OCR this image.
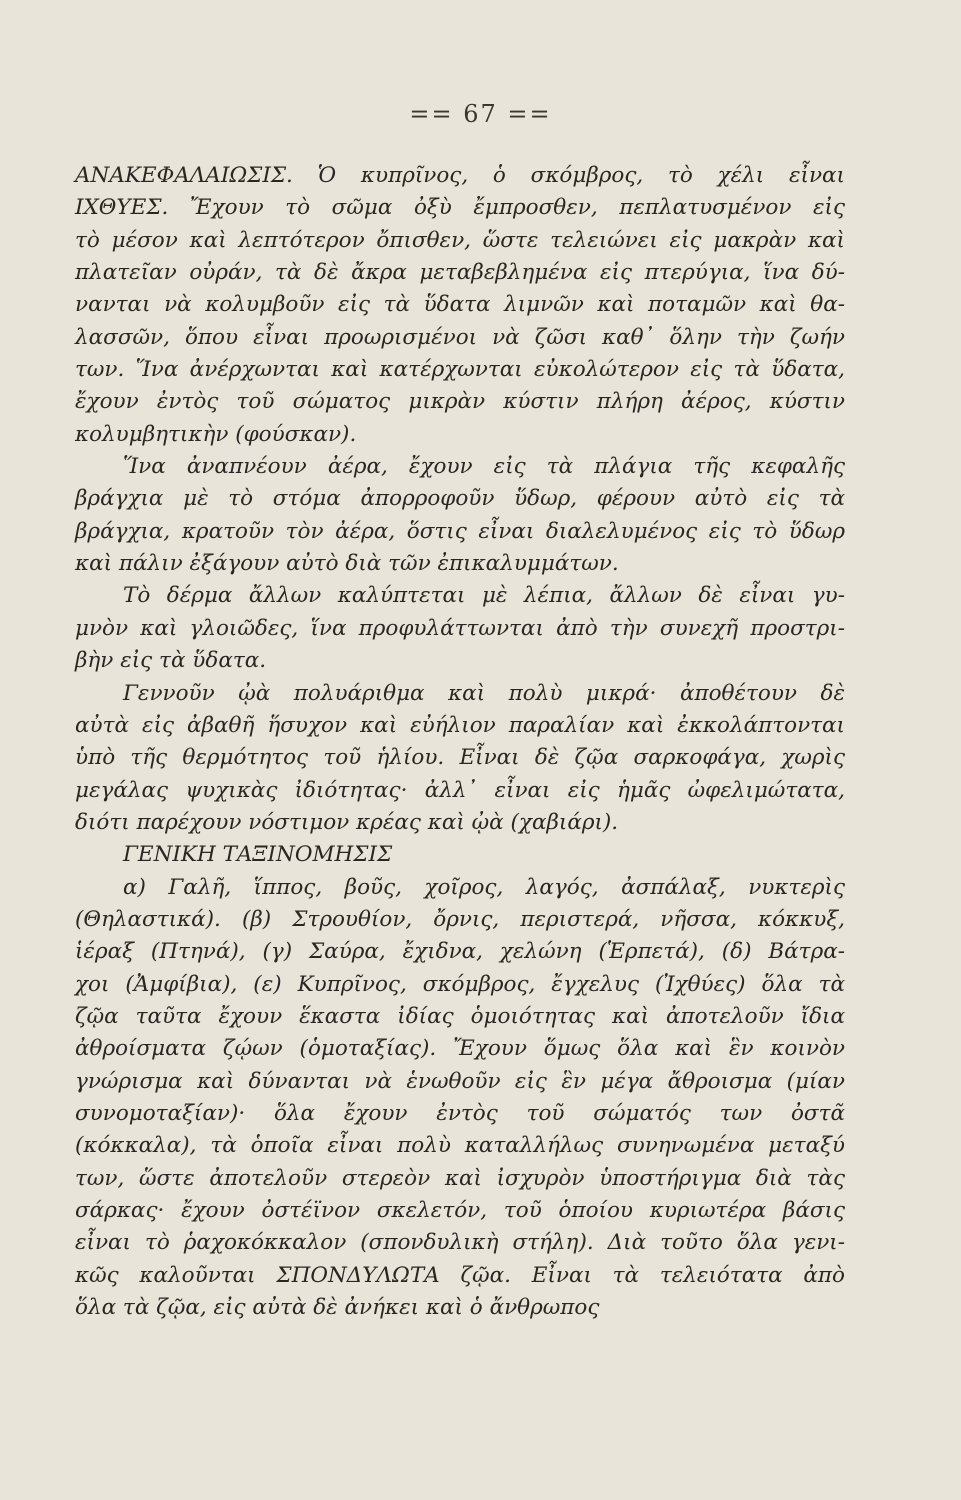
== 67 ==
ΑΝΑΚΕΦΑΛΑΙΩΣΙΣ. Ὁ κυπρῖνος, ὁ σκόμβρος, τὸ χέλι εἶναι
ΙΧΘΥΕΣ. Ἔχουν τὸ σῶμα ὀξὺ ἔμπροσθεν, πεπλατυσμένον εἰς
τὸ μέσον καὶ λεπτότερον ὄπισθεν, ὥστε τελειώνει εἰς μακρὰν καὶ
πλατεῖαν οὐράν, τὰ δὲ ἄκρα μεταβεβλημένα εἰς πτερύγια, ἵνα δύ-
νανται νὰ κολυμβοῦν εἰς τὰ ὕδατα λιμνῶν καὶ ποταμῶν καὶ θα-
λασσῶν, ὅπου εἶναι προωρισμένοι νὰ ζῶσι καθ᾽ ὅλην τὴν ζωήν
των. Ἵνα ἀνέρχωνται καὶ κατέρχωνται εὐκολώτερον εἰς τὰ ὕδατα,
ἔχουν ἐντὸς τοῦ σώματος μικρὰν κύστιν πλήρη ἀέρος, κύστιν
κολυμβητικὴν (φούσκαν).
Ἵνα ἀναπνέουν ἀέρα, ἔχουν εἰς τὰ πλάγια τῆς κεφαλῆς
βράγχια μὲ τὸ στόμα ἀπορροφοῦν ὕδωρ, φέρουν αὐτὸ εἰς τὰ
βράγχια, κρατοῦν τὸν ἀέρα, ὅστις εἶναι διαλελυμένος εἰς τὸ ὕδωρ
καὶ πάλιν ἐξάγουν αὐτὸ διὰ τῶν ἐπικαλυμμάτων.
Τὸ δέρμα ἄλλων καλύπτεται μὲ λέπια, ἄλλων δὲ εἶναι γυ-
μνὸν καὶ γλοιῶδες, ἵνα προφυλάττωνται ἀπὸ τὴν συνεχῆ προστρι-
βὴν εἰς τὰ ὕδατα.
Γεννοῦν ᾠὰ πολυάριθμα καὶ πολὺ μικρά· ἀποθέτουν δὲ
αὐτὰ εἰς ἀβαθῆ ἥσυχον καὶ εὐήλιον παραλίαν καὶ ἐκκολάπτονται
ὑπὸ τῆς θερμότητος τοῦ ἡλίου. Εἶναι δὲ ζῷα σαρκοφάγα, χωρὶς
μεγάλας ψυχικὰς ἰδιότητας· ἀλλ᾽ εἶναι εἰς ἡμᾶς ὠφελιμώτατα,
διότι παρέχουν νόστιμον κρέας καὶ ᾠὰ (χαβιάρι).
ΓΕΝΙΚΗ ΤΑΞΙΝΟΜΗΣΙΣ
α) Γαλῆ, ἵππος, βοῦς, χοῖρος, λαγός, ἀσπάλαξ, νυκτερὶς
(Θηλαστικά). (β) Στρουθίον, ὄρνις, περιστερά, νῆσσα, κόκκυξ,
ἱέραξ (Πτηνά), (γ) Σαύρα, ἔχιδνα, χελώνη (Ἑρπετά), (δ) Βάτρα-
χοι (Ἀμφίβια), (ε) Κυπρῖνος, σκόμβρος, ἔγχελυς (Ἰχθύες) ὅλα τὰ
ζῷα ταῦτα ἔχουν ἕκαστα ἰδίας ὁμοιότητας καὶ ἀποτελοῦν ἴδια
ἀθροίσματα ζῴων (ὁμοταξίας). Ἔχουν ὅμως ὅλα καὶ ἓν κοινὸν
γνώρισμα καὶ δύνανται νὰ ἑνωθοῦν εἰς ἓν μέγα ἄθροισμα (μίαν
συνομοταξίαν)· ὅλα ἔχουν ἐντὸς τοῦ σώματός των ὀστᾶ
(κόκκαλα), τὰ ὁποῖα εἶναι πολὺ καταλλήλως συνηνωμένα μεταξύ
των, ὥστε ἀποτελοῦν στερεὸν καὶ ἰσχυρὸν ὑποστήριγμα διὰ τὰς
σάρκας· ἔχουν ὀστέϊνον σκελετόν, τοῦ ὁποίου κυριωτέρα βάσις
εἶναι τὸ ῥαχοκόκκαλον (σπονδυλικὴ στήλη). Διὰ τοῦτο ὅλα γενι-
κῶς καλοῦνται ΣΠΟΝΔΥΛΩΤΑ ζῷα. Εἶναι τὰ τελειότατα ἀπὸ
ὅλα τὰ ζῷα, εἰς αὐτὰ δὲ ἀνήκει καὶ ὁ ἄνθρωπος
